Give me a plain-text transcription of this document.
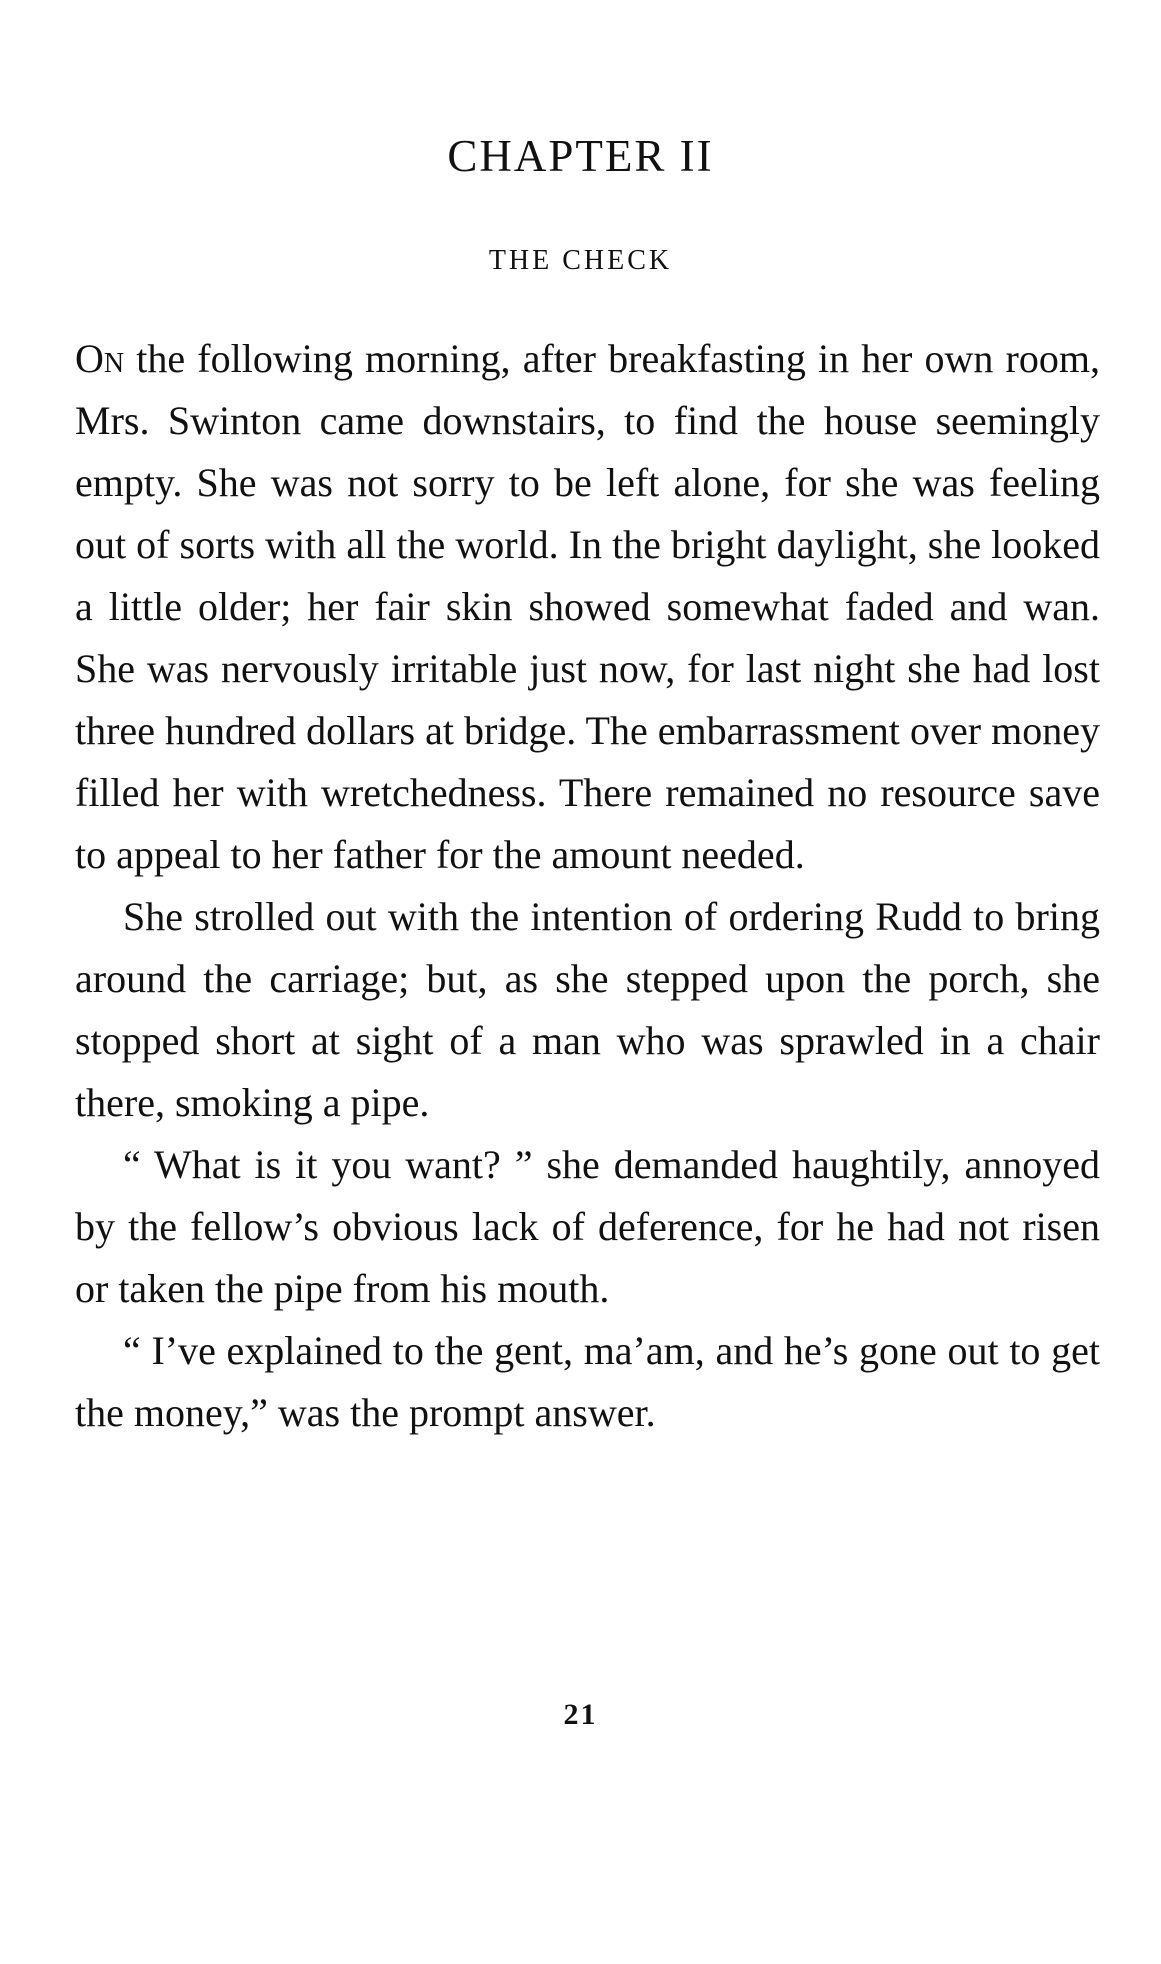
CHAPTER II
THE CHECK

On the following morning, after breakfasting in her own room, Mrs. Swinton came downstairs, to find the house seemingly empty. She was not sorry to be left alone, for she was feeling out of sorts with all the world. In the bright daylight, she looked a little older; her fair skin showed somewhat faded and wan. She was nervously irritable just now, for last night she had lost three hundred dollars at bridge. The embarrassment over money filled her with wretchedness. There remained no resource save to appeal to her father for the amount needed.

She strolled out with the intention of ordering Rudd to bring around the carriage; but, as she stepped upon the porch, she stopped short at sight of a man who was sprawled in a chair there, smoking a pipe.

“ What is it you want? ” she demanded haughtily, annoyed by the fellow’s obvious lack of deference, for he had not risen or taken the pipe from his mouth.

“ I’ve explained to the gent, ma’am, and he’s gone out to get the money,” was the prompt answer.

21
